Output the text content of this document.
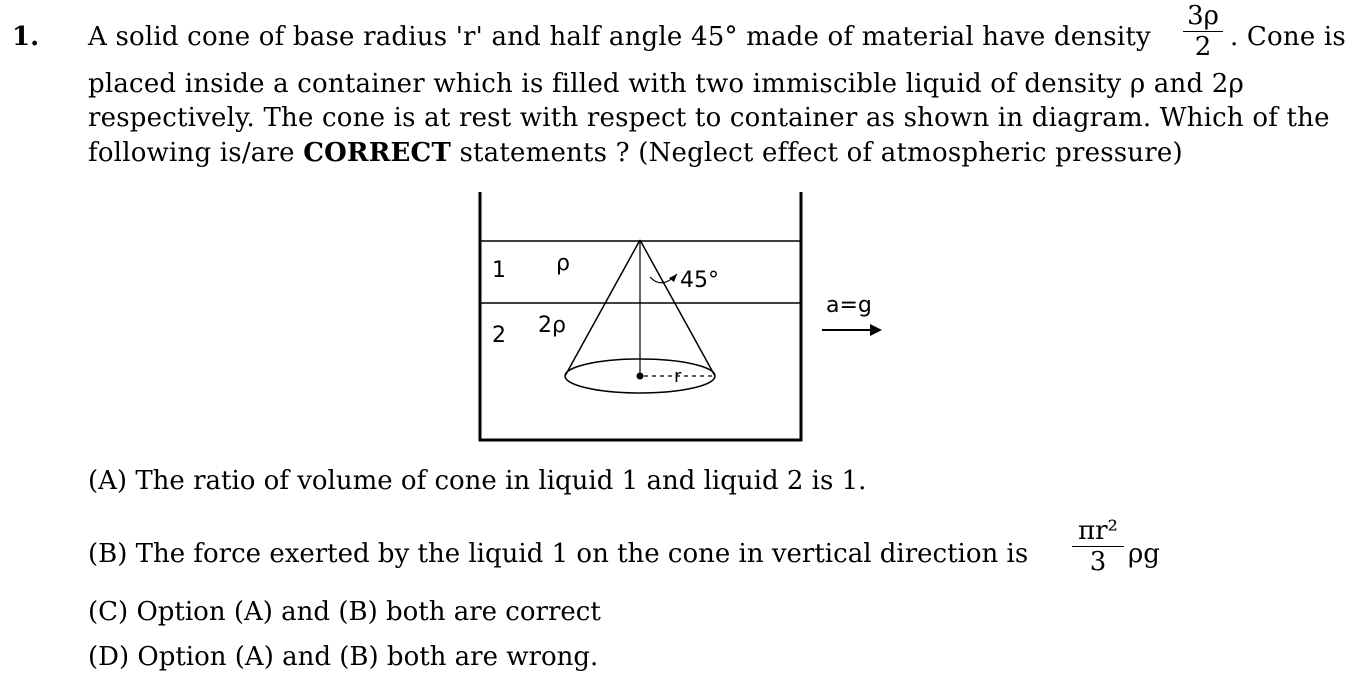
1. A solid cone of base radius 'r' and half angle 45° made of material have density
3ρ
2 . Cone is
placed inside a container which is filled with two immiscible liquid of density ρ and 2ρ
respectively. The cone is at rest with respect to container as shown in diagram. Which of the
following is/are CORRECT statements ? (Neglect effect of atmospheric pressure)
1 ρ
2 2ρ
45°
r
a=g
(A) The ratio of volume of cone in liquid 1 and liquid 2 is 1.
(B) The force exerted by the liquid 1 on the cone in vertical direction is
πr²
3 ρg
(C) Option (A) and (B) both are correct
(D) Option (A) and (B) both are wrong.
